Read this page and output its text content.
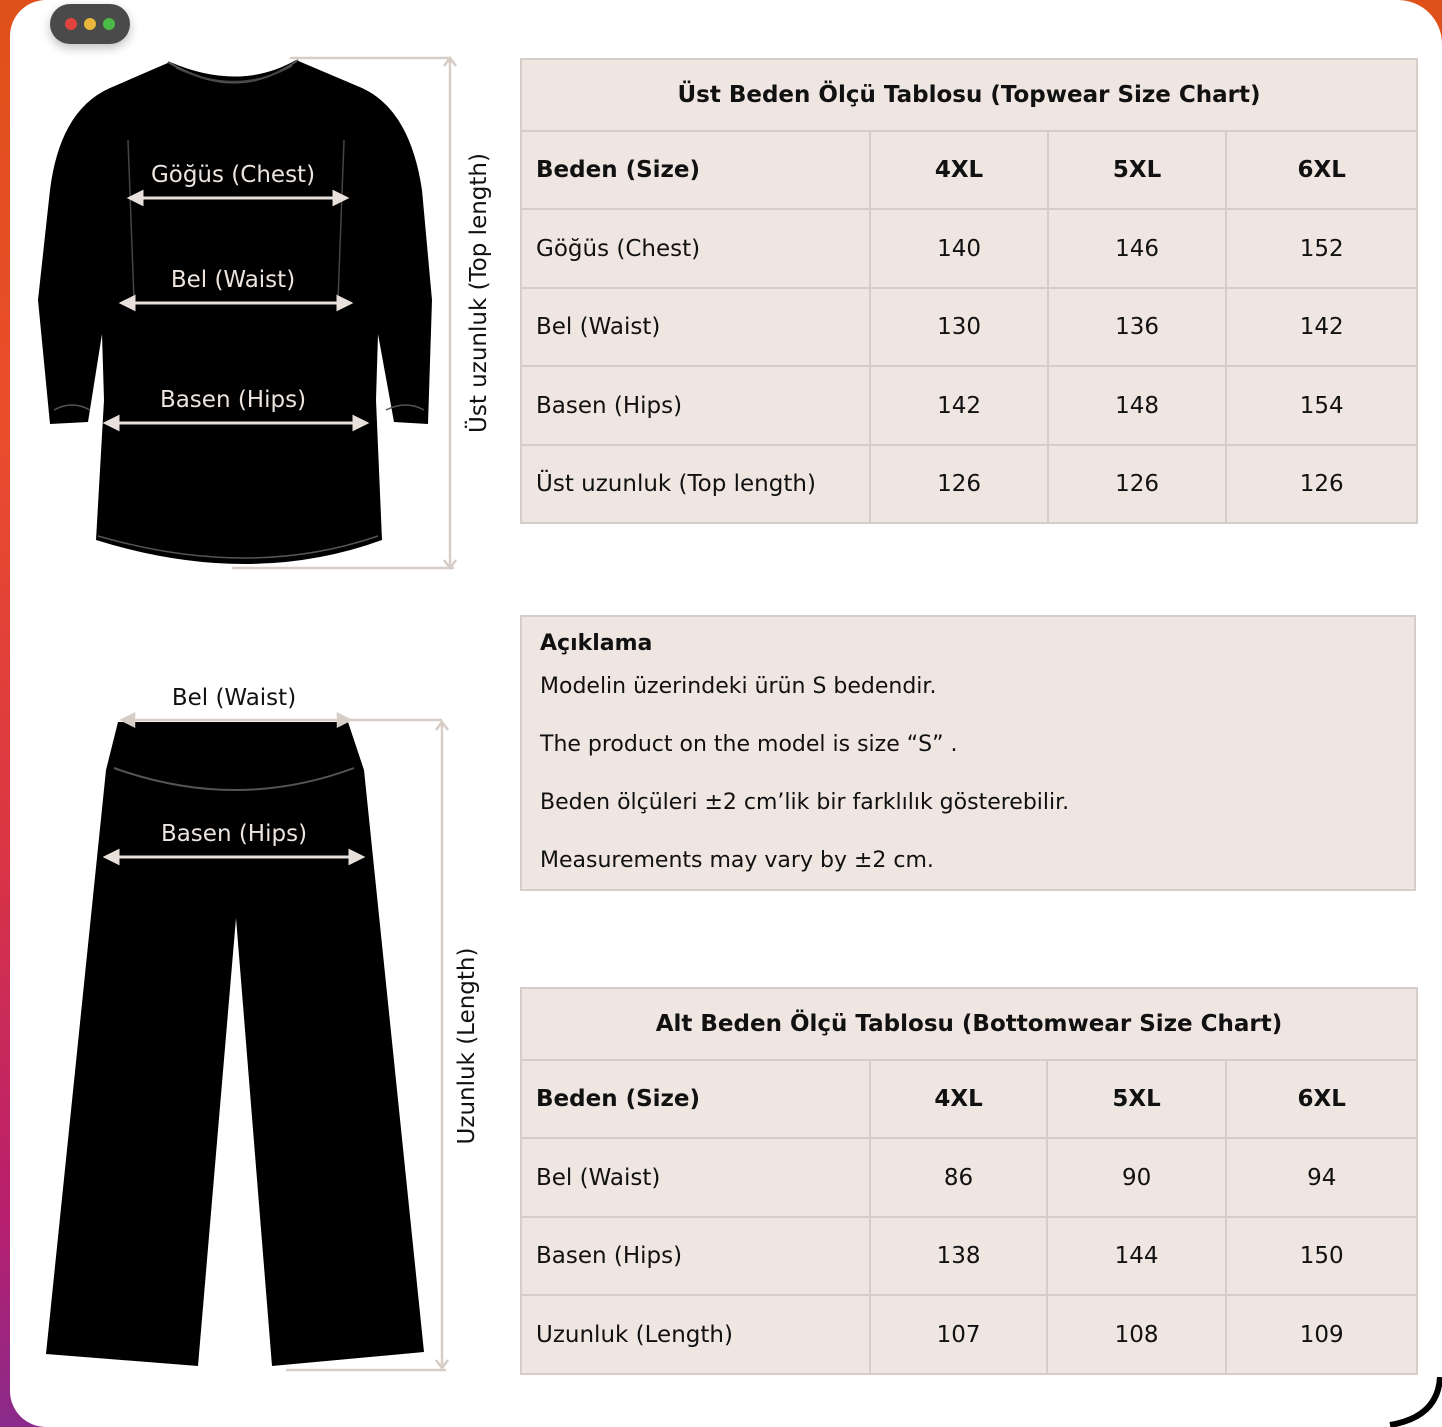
Göğüs (Chest)
Bel (Waist)
Basen (Hips)	Üst uzunluk (Top length)
Bel (Waist)
Basen (Hips)
Uzunluk (Length)
Üst Beden Ölçü Tablosu (Topwear Size Chart)			
Beden (Size)	4XL	5XL	6XL
Göğüs (Chest)	140	146	152
Bel (Waist)	130	136	142
Basen (Hips)	142	148	154
Üst uzunluk (Top length)	126	126	126
Açıklama

Modelin üzerindeki ürün S bedendir.

The product on the model is size “S” .

Beden ölçüleri ±2 cm’lik bir farklılık gösterebilir.

Measurements may vary by ±2 cm.

Alt Beden Ölçü Tablosu (Bottomwear Size Chart)			
Beden (Size)	4XL	5XL	6XL
Bel (Waist)	86	90	94
Basen (Hips)	138	144	150
Uzunluk (Length)	107	108	109
